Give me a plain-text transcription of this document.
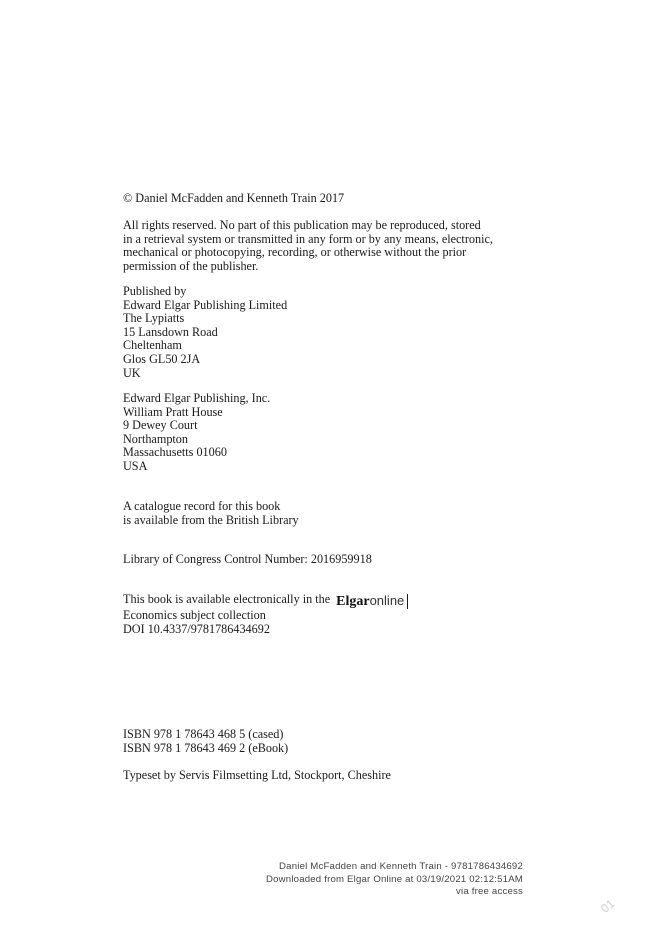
© Daniel McFadden and Kenneth Train 2017
All rights reserved. No part of this publication may be reproduced, stored
in a retrieval system or transmitted in any form or by any means, electronic,
mechanical or photocopying, recording, or otherwise without the prior
permission of the publisher.
Published by
Edward Elgar Publishing Limited
The Lypiatts
15 Lansdown Road
Cheltenham
Glos GL50 2JA
UK
Edward Elgar Publishing, Inc.
William Pratt House
9 Dewey Court
Northampton
Massachusetts 01060
USA
A catalogue record for this book
is available from the British Library
Library of Congress Control Number: 2016959918
This book is available electronically in the Elgaronline
Economics subject collection
DOI 10.4337/9781786434692
ISBN 978 1 78643 468 5 (cased)
ISBN 978 1 78643 469 2 (eBook)
Typeset by Servis Filmsetting Ltd, Stockport, Cheshire
Daniel McFadden and Kenneth Train - 9781786434692
Downloaded from Elgar Online at 03/19/2021 02:12:51AM
via free access
01
